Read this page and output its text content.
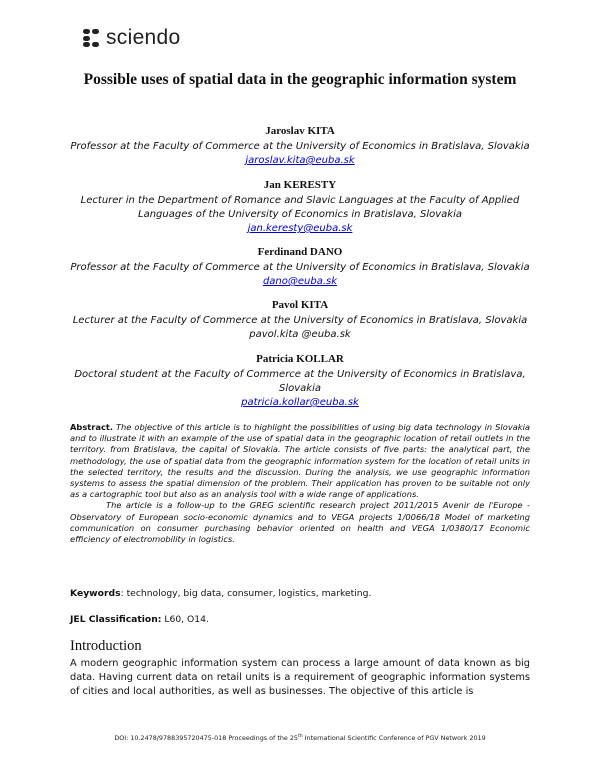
sciendo
Possible uses of spatial data in the geographic information system
Jaroslav KITA
Professor at the Faculty of Commerce at the University of Economics in Bratislava, Slovakia
jaroslav.kita@euba.sk
Jan KERESTY
Lecturer in the Department of Romance and Slavic Languages at the Faculty of Applied Languages of the University of Economics in Bratislava, Slovakia
jan.keresty@euba.sk
Ferdinand DANO
Professor at the Faculty of Commerce at the University of Economics in Bratislava, Slovakia
dano@euba.sk
Pavol KITA
Lecturer at the Faculty of Commerce at the University of Economics in Bratislava, Slovakia
pavol.kita @euba.sk
Patricia KOLLAR
Doctoral student at the Faculty of Commerce at the University of Economics in Bratislava, Slovakia
patricia.kollar@euba.sk
Abstract. The objective of this article is to highlight the possibilities of using big data technology in Slovakia and to illustrate it with an example of the use of spatial data in the geographic location of retail outlets in the territory. from Bratislava, the capital of Slovakia. The article consists of five parts: the analytical part, the methodology, the use of spatial data from the geographic information system for the location of retail units in the selected territory, the results and the discussion. During the analysis, we use geographic information systems to assess the spatial dimension of the problem. Their application has proven to be suitable not only as a cartographic tool but also as an analysis tool with a wide range of applications.
The article is a follow-up to the GREG scientific research project 2011/2015 Avenir de l'Europe - Observatory of European socio-economic dynamics and to VEGA projects 1/0066/18 Model of marketing communication on consumer purchasing behavior oriented on health and VEGA 1/0380/17 Economic efficiency of electromobility in logistics.
Keywords: technology, big data, consumer, logistics, marketing.
JEL Classification: L60, O14.
Introduction
A modern geographic information system can process a large amount of data known as big data. Having current data on retail units is a requirement of geographic information systems of cities and local authorities, as well as businesses. The objective of this article is
DOI: 10.2478/9788395720475-018 Proceedings of the 25th International Scientific Conference of PGV Network 2019
